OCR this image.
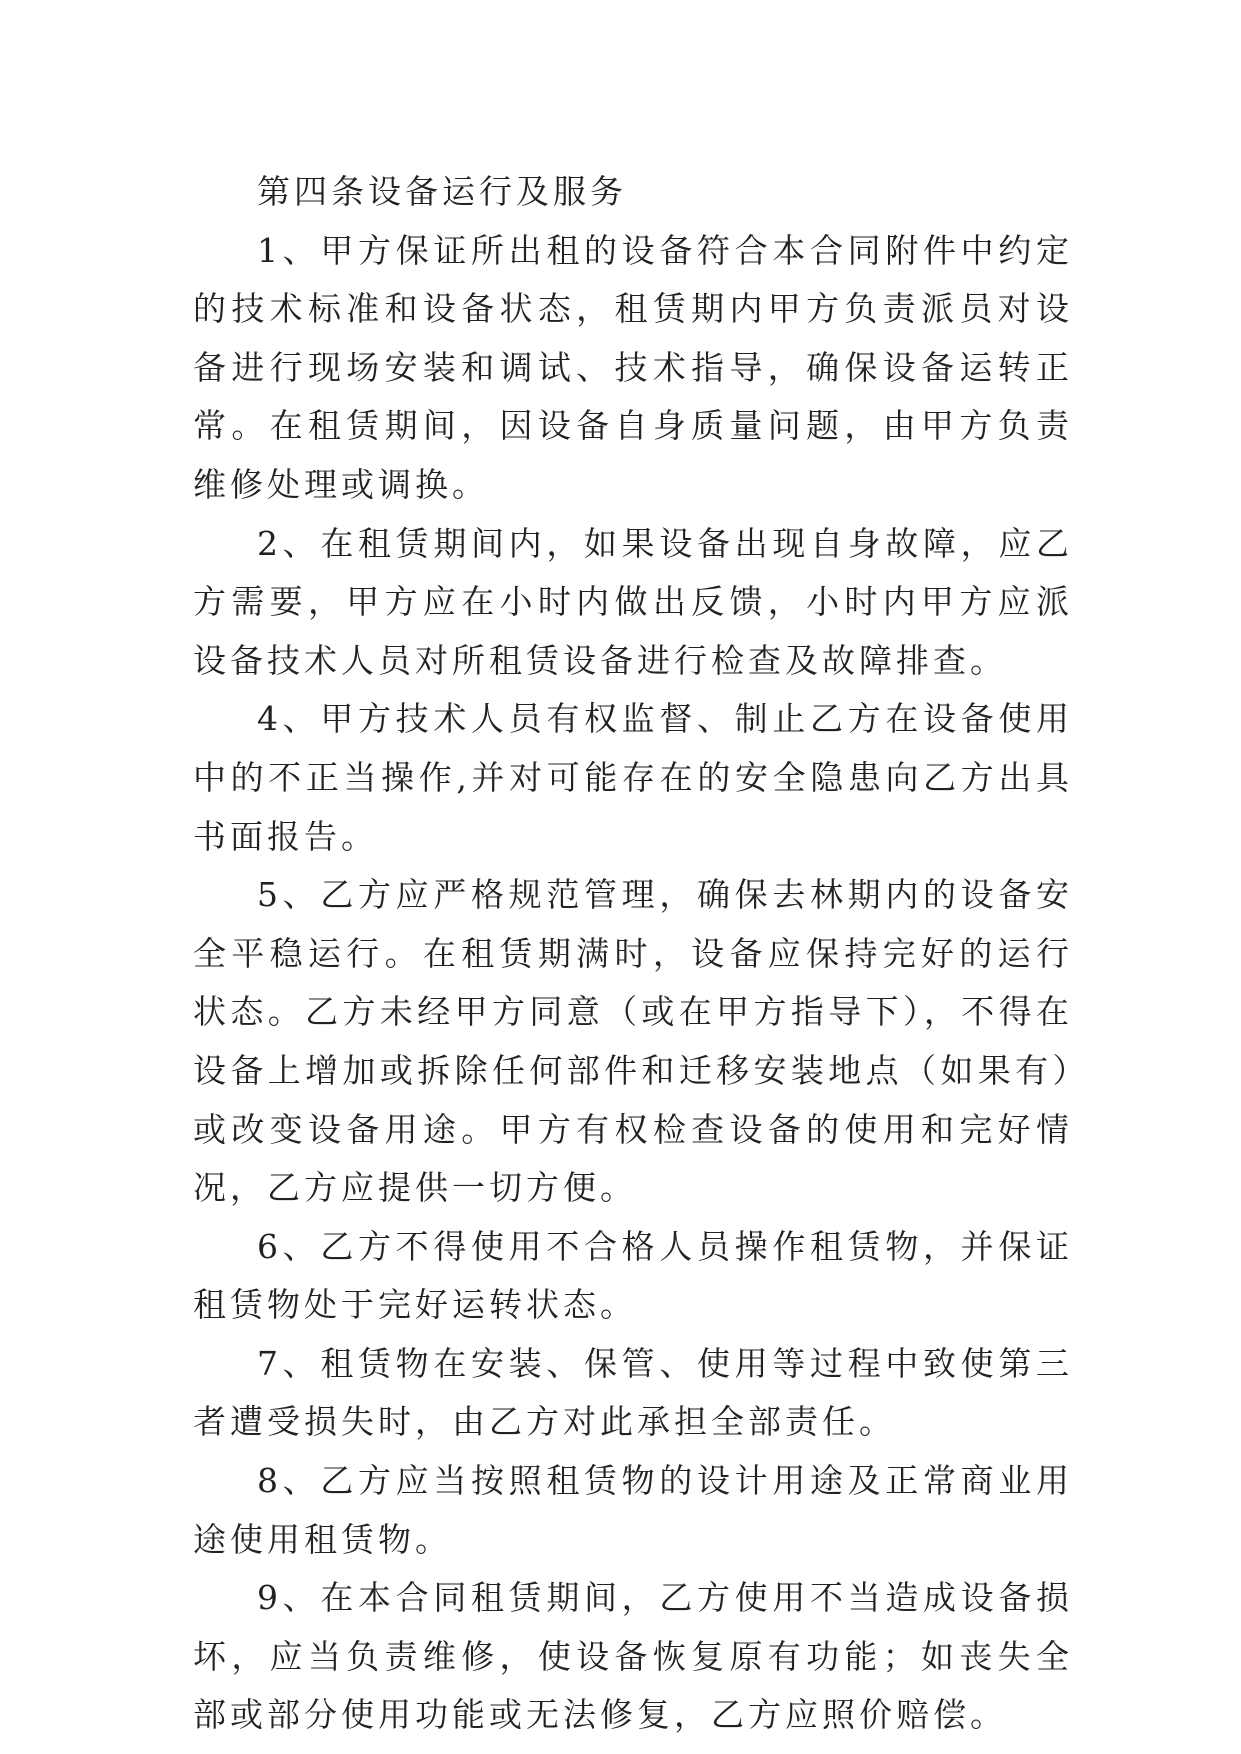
第四条设备运行及服务

1、甲方保证所出租的设备符合本合同附件中约定的技术标准和设备状态，租赁期内甲方负责派员对设备进行现场安装和调试、技术指导，确保设备运转正常。在租赁期间，因设备自身质量问题，由甲方负责维修处理或调换。

2、在租赁期间内，如果设备出现自身故障，应乙方需要，甲方应在小时内做出反馈，小时内甲方应派设备技术人员对所租赁设备进行检查及故障排查。

4、甲方技术人员有权监督、制止乙方在设备使用中的不正当操作,并对可能存在的安全隐患向乙方出具书面报告。

5、乙方应严格规范管理，确保去林期内的设备安全平稳运行。在租赁期满时，设备应保持完好的运行状态。乙方未经甲方同意（或在甲方指导下），不得在设备上增加或拆除任何部件和迁移安装地点（如果有）或改变设备用途。甲方有权检查设备的使用和完好情况，乙方应提供一切方便。

6、乙方不得使用不合格人员操作租赁物，并保证租赁物处于完好运转状态。

7、租赁物在安装、保管、使用等过程中致使第三者遭受损失时，由乙方对此承担全部责任。

8、乙方应当按照租赁物的设计用途及正常商业用途使用租赁物。

9、在本合同租赁期间，乙方使用不当造成设备损坏，应当负责维修，使设备恢复原有功能；如丧失全部或部分使用功能或无法修复，乙方应照价赔偿。
